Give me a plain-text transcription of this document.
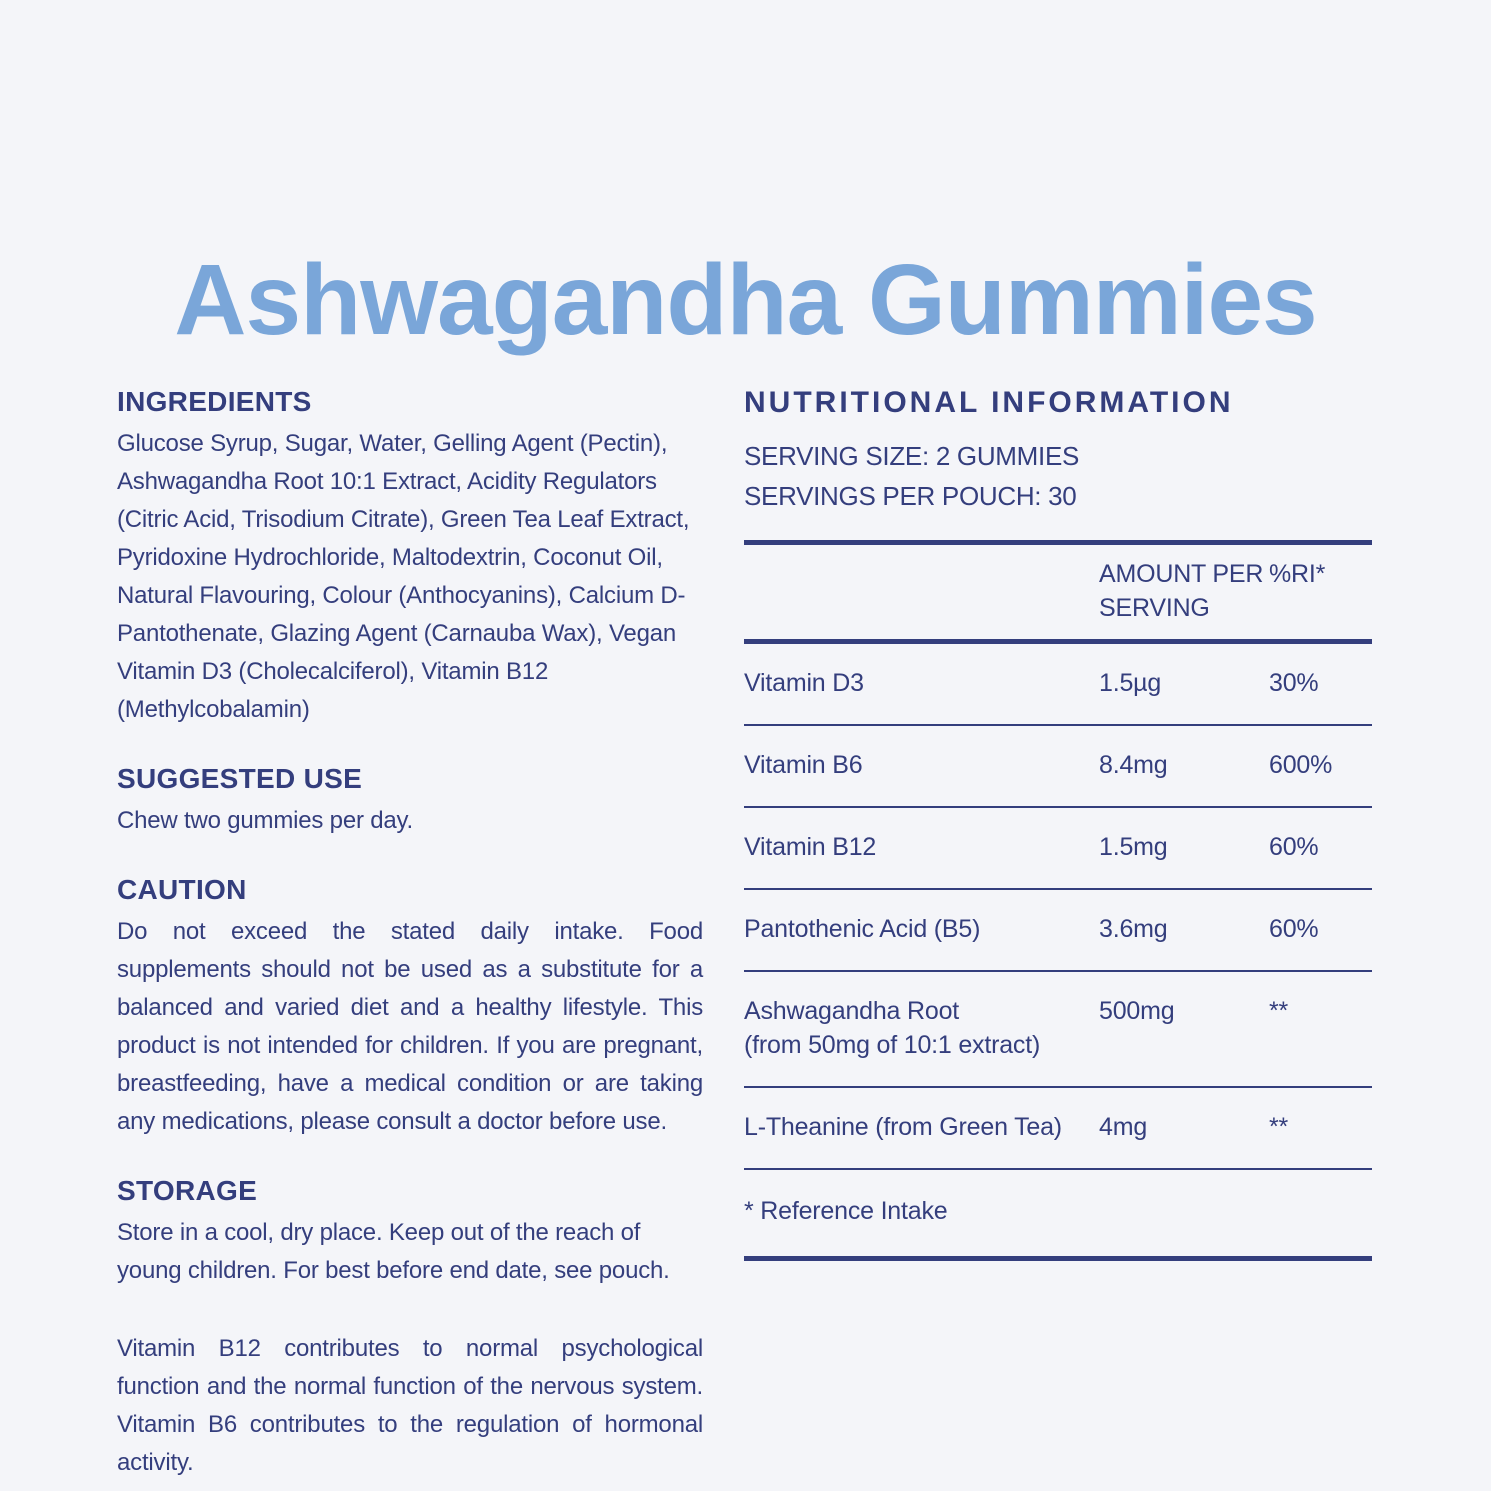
Ashwagandha Gummies
INGREDIENTS

Glucose Syrup, Sugar, Water, Gelling Agent (Pectin), Ashwagandha Root 10:1 Extract, Acidity Regulators (Citric Acid, Trisodium Citrate), Green Tea Leaf Extract, Pyridoxine Hydrochloride, Maltodextrin, Coconut Oil, Natural Flavouring, Colour (Anthocyanins), Calcium D-Pantothenate, Glazing Agent (Carnauba Wax), Vegan Vitamin D3 (Cholecalciferol), Vitamin B12 (Methylcobalamin)

SUGGESTED USE

Chew two gummies per day.

CAUTION

Do not exceed the stated daily intake. Food supplements should not be used as a substitute for a balanced and varied diet and a healthy lifestyle. This product is not intended for children. If you are pregnant, breastfeeding, have a medical condition or are taking any medications, please consult a doctor before use.

STORAGE

Store in a cool, dry place. Keep out of the reach of young children. For best before end date, see pouch.

Vitamin B12 contributes to normal psychological function and the normal function of the nervous system. Vitamin B6 contributes to the regulation of hormonal activity.

NUTRITIONAL INFORMATION

SERVING SIZE: 2 GUMMIES

SERVINGS PER POUCH: 30

AMOUNT PER SERVING
%RI*
Vitamin D3	1.5µg	30%
Vitamin B6	8.4mg	600%
Vitamin B12	1.5mg	60%
Pantothenic Acid (B5)	3.6mg	60%
Ashwagandha Root
(from 50mg of 10:1 extract)
500mg	**
L-Theanine (from Green Tea)	4mg	**
* Reference Intake
